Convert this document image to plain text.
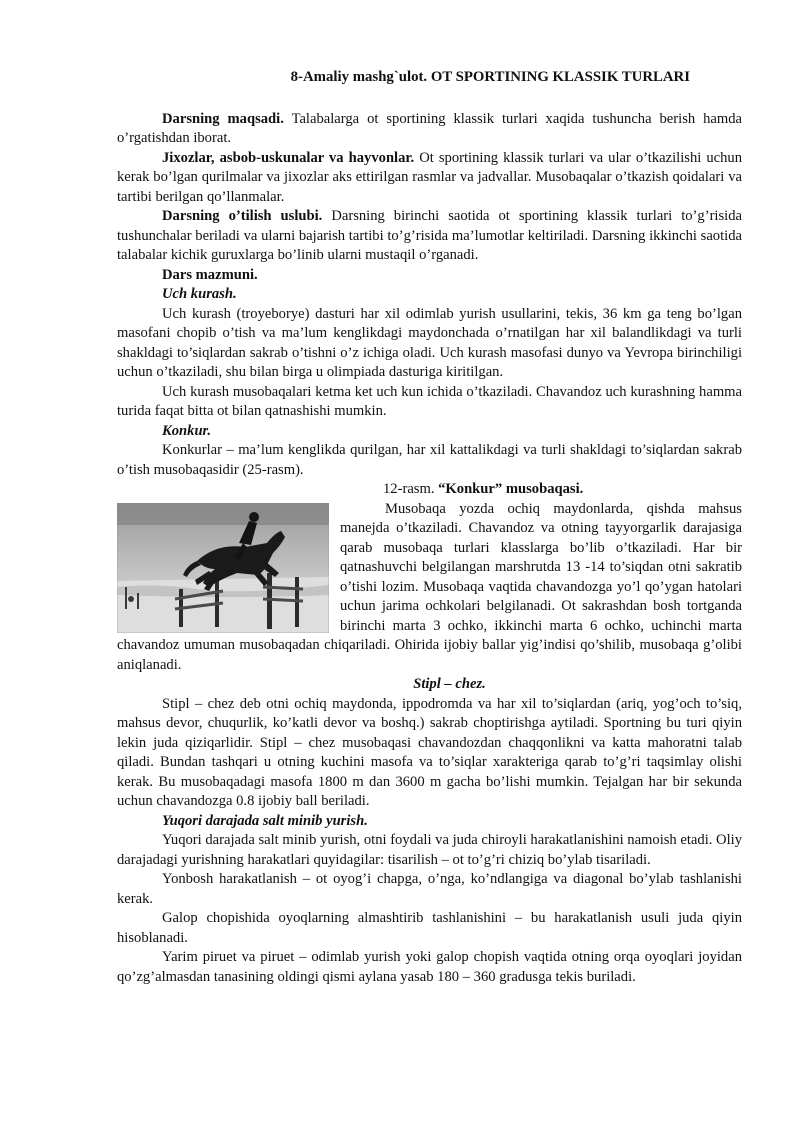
8-Amaliy mashg`ulot. OT SPORTINING KLASSIK TURLARI

Darsning maqsadi. Talabalarga ot sportining klassik turlari xaqida tushuncha berish hamda o’rgatishdan iborat.

Jixozlar, asbob-uskunalar va hayvonlar. Ot sportining klassik turlari va ular o’tkazilishi uchun kerak bo’lgan qurilmalar va jixozlar aks ettirilgan rasmlar va jadvallar. Musobaqalar o’tkazish qoidalari va tartibi berilgan qo’llanmalar.

Darsning o’tilish uslubi. Darsning birinchi saotida ot sportining klassik turlari to’g’risida tushunchalar beriladi va ularni bajarish tartibi to’g’risida ma’lumotlar keltiriladi. Darsning ikkinchi saotida talabalar kichik guruxlarga bo’linib ularni mustaqil o’rganadi.

Dars mazmuni.

Uch kurash.

Uch kurash (troyeborye) dasturi har xil odimlab yurish usullarini, tekis, 36 km ga teng bo’lgan masofani chopib o’tish va ma’lum kenglikdagi maydonchada o’rnatilgan har xil balandlikdagi va turli shakldagi to’siqlardan sakrab o’tishni o’z ichiga oladi. Uch kurash masofasi dunyo va Yevropa birinchiligi uchun o’tkaziladi, shu bilan birga u olimpiada dasturiga kiritilgan.

Uch kurash musobaqalari ketma ket uch kun ichida o’tkaziladi. Chavandoz uch kurashning hamma turida faqat bitta ot bilan qatnashishi mumkin.

Konkur.

Konkurlar – ma’lum kenglikda qurilgan, har xil kattalikdagi va turli shakldagi to’siqlardan sakrab o’tish musobaqasidir (25-rasm).

12-rasm. “Konkur” musobaqasi.

Musobaqa yozda ochiq maydonlarda, qishda mahsus manejda o’tkaziladi. Chavandoz va otning tayyorgarlik darajasiga qarab musobaqa turlari klasslarga bo’lib o’tkaziladi. Har bir qatnashuvchi belgilangan marshrutda 13 -14 to’siqdan otni sakratib o’tishi lozim. Musobaqa vaqtida chavandozga yo’l qo’ygan hatolari uchun jarima ochkolari belgilanadi. Ot sakrashdan bosh tortganda birinchi marta 3 ochko, ikkinchi marta 6 ochko, uchinchi marta chavandoz umuman musobaqadan chiqariladi. Ohirida ijobiy ballar yig’indisi qo’shilib, musobaqa g’olibi aniqlanadi.

Stipl – chez.

Stipl – chez deb otni ochiq maydonda, ippodromda va har xil to’siqlardan (ariq, yog’och to’siq, mahsus devor, chuqurlik, ko’katli devor va boshq.) sakrab choptirishga aytiladi. Sportning bu turi qiyin lekin juda qiziqarlidir. Stipl – chez musobaqasi chavandozdan chaqqonlikni va katta mahoratni talab qiladi. Bundan tashqari u otning kuchini masofa va to’siqlar xarakteriga qarab to’g’ri taqsimlay olishi kerak. Bu musobaqadagi masofa 1800 m dan 3600 m gacha bo’lishi mumkin. Tejalgan har bir sekunda uchun chavandozga 0.8 ijobiy ball beriladi.

Yuqori darajada salt minib yurish.

Yuqori darajada salt minib yurish, otni foydali va juda chiroyli harakatlanishini namoish etadi. Oliy darajadagi yurishning harakatlari quyidagilar: tisarilish – ot to’g’ri chiziq bo’ylab tisariladi.

Yonbosh harakatlanish – ot oyog’i chapga, o’nga, ko’ndlangiga va diagonal bo’ylab tashlanishi kerak.

Galop chopishida oyoqlarning almashtirib tashlanishini – bu harakatlanish usuli juda qiyin hisoblanadi.

Yarim piruet va piruet – odimlab yurish yoki galop chopish vaqtida otning orqa oyoqlari joyidan qo’zg’almasdan tanasining oldingi qismi aylana yasab 180 – 360 gradusga tekis buriladi.
